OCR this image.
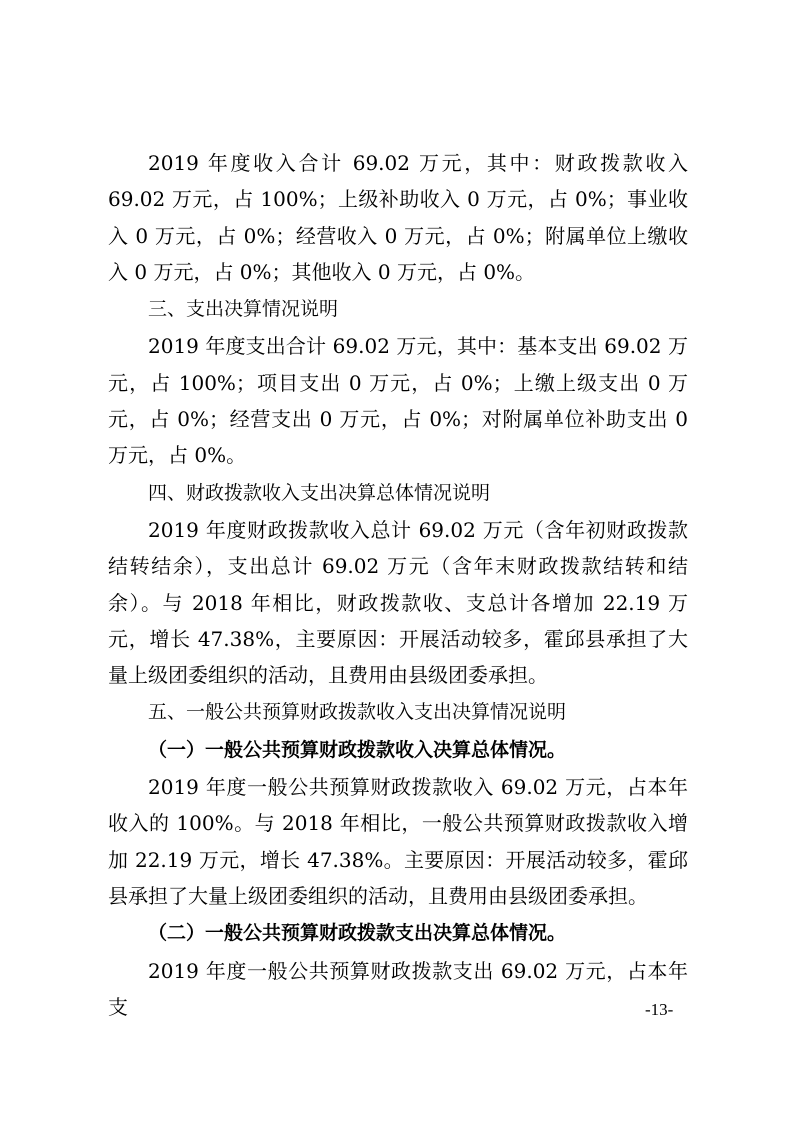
2019 年度收入合计 69.02 万元，其中：财政拨款收入 69.02 万元，占 100%；上级补助收入 0 万元，占 0%；事业收入 0 万元，占 0%；经营收入 0 万元，占 0%；附属单位上缴收入 0 万元，占 0%；其他收入 0 万元，占 0%。

三、支出决算情况说明

2019 年度支出合计 69.02 万元，其中：基本支出 69.02 万元，占 100%；项目支出 0 万元，占 0%；上缴上级支出 0 万元，占 0%；经营支出 0 万元，占 0%；对附属单位补助支出 0 万元，占 0%。

四、财政拨款收入支出决算总体情况说明

2019 年度财政拨款收入总计 69.02 万元（含年初财政拨款结转结余），支出总计 69.02 万元（含年末财政拨款结转和结余）。与 2018 年相比，财政拨款收、支总计各增加 22.19 万元，增长 47.38%，主要原因：开展活动较多，霍邱县承担了大量上级团委组织的活动，且费用由县级团委承担。

五、一般公共预算财政拨款收入支出决算情况说明

（一）一般公共预算财政拨款收入决算总体情况。

2019 年度一般公共预算财政拨款收入 69.02 万元，占本年收入的 100%。与 2018 年相比，一般公共预算财政拨款收入增加 22.19 万元，增长 47.38%。主要原因：开展活动较多，霍邱县承担了大量上级团委组织的活动，且费用由县级团委承担。

（二）一般公共预算财政拨款支出决算总体情况。

2019 年度一般公共预算财政拨款支出 69.02 万元，占本年支	-13-
